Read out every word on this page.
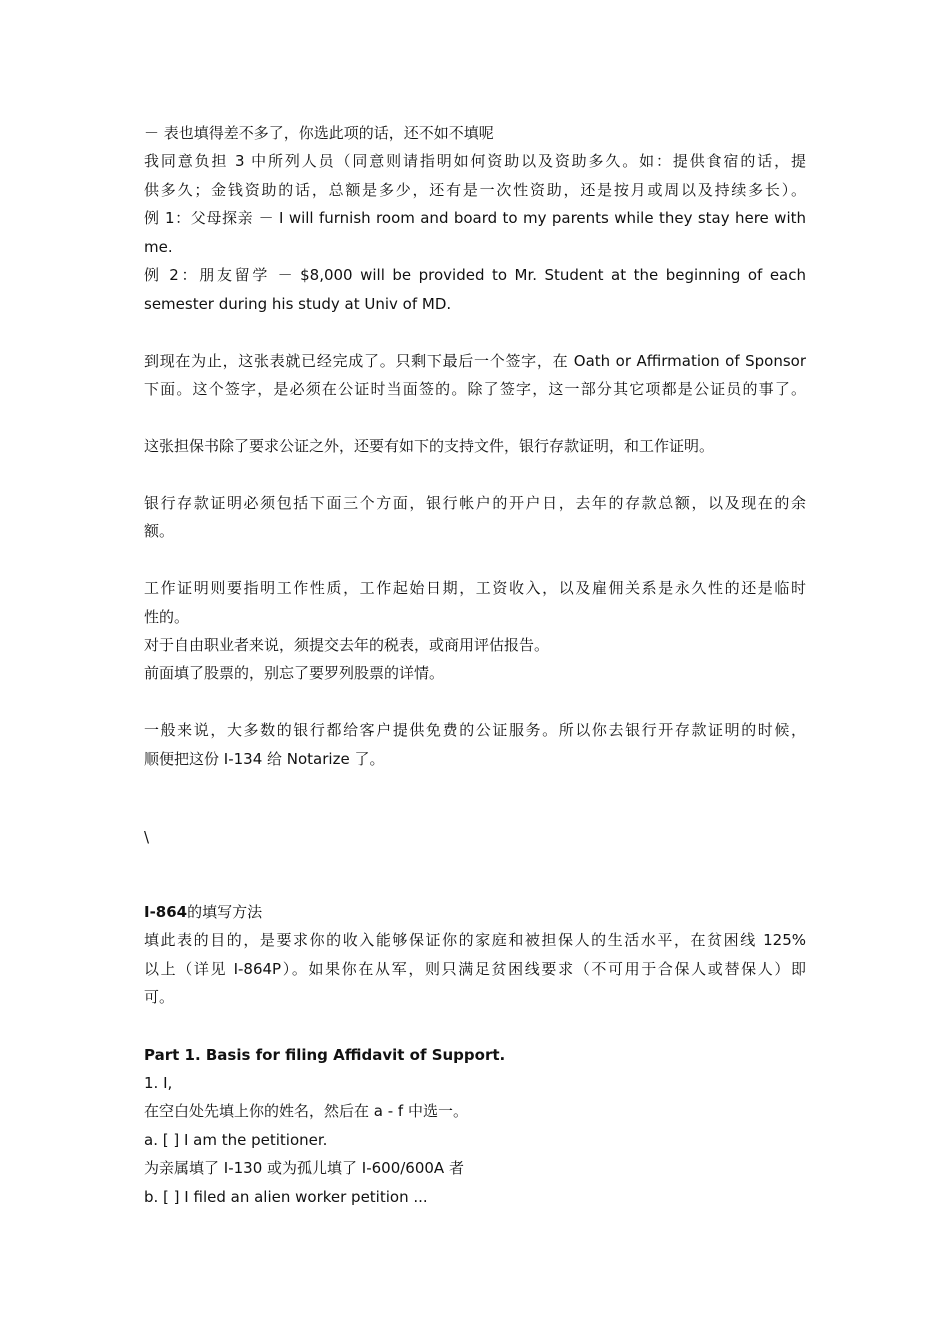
－ 表也填得差不多了，你选此项的话，还不如不填呢
我同意负担 3 中所列人员（同意则请指明如何资助以及资助多久。如：提供食宿的话，提
供多久；金钱资助的话，总额是多少，还有是一次性资助，还是按月或周以及持续多长）。
例 1：父母探亲 － I will furnish room and board to my parents while they stay here with
me.
例 2：朋友留学 － $8,000 will be provided to Mr. Student at the beginning of each
semester during his study at Univ of MD.
到现在为止，这张表就已经完成了。只剩下最后一个签字，在 Oath or Affirmation of Sponsor
下面。这个签字，是必须在公证时当面签的。除了签字，这一部分其它项都是公证员的事了。
这张担保书除了要求公证之外，还要有如下的支持文件，银行存款证明，和工作证明。
银行存款证明必须包括下面三个方面，银行帐户的开户日，去年的存款总额，以及现在的余
额。
工作证明则要指明工作性质，工作起始日期，工资收入，以及雇佣关系是永久性的还是临时
性的。
对于自由职业者来说，须提交去年的税表，或商用评估报告。
前面填了股票的，别忘了要罗列股票的详情。
一般来说，大多数的银行都给客户提供免费的公证服务。所以你去银行开存款证明的时候，
顺便把这份 I-134 给 Notarize 了。
\
I-864的填写方法
填此表的目的，是要求你的收入能够保证你的家庭和被担保人的生活水平，在贫困线 125%
以上（详见 I-864P）。如果你在从军，则只满足贫困线要求（不可用于合保人或替保人）即
可。
Part 1. Basis for filing Affidavit of Support.
1. I,
在空白处先填上你的姓名，然后在 a - f 中选一。
a. [ ] I am the petitioner.
为亲属填了 I-130 或为孤儿填了 I-600/600A 者
b. [ ] I filed an alien worker petition ...
